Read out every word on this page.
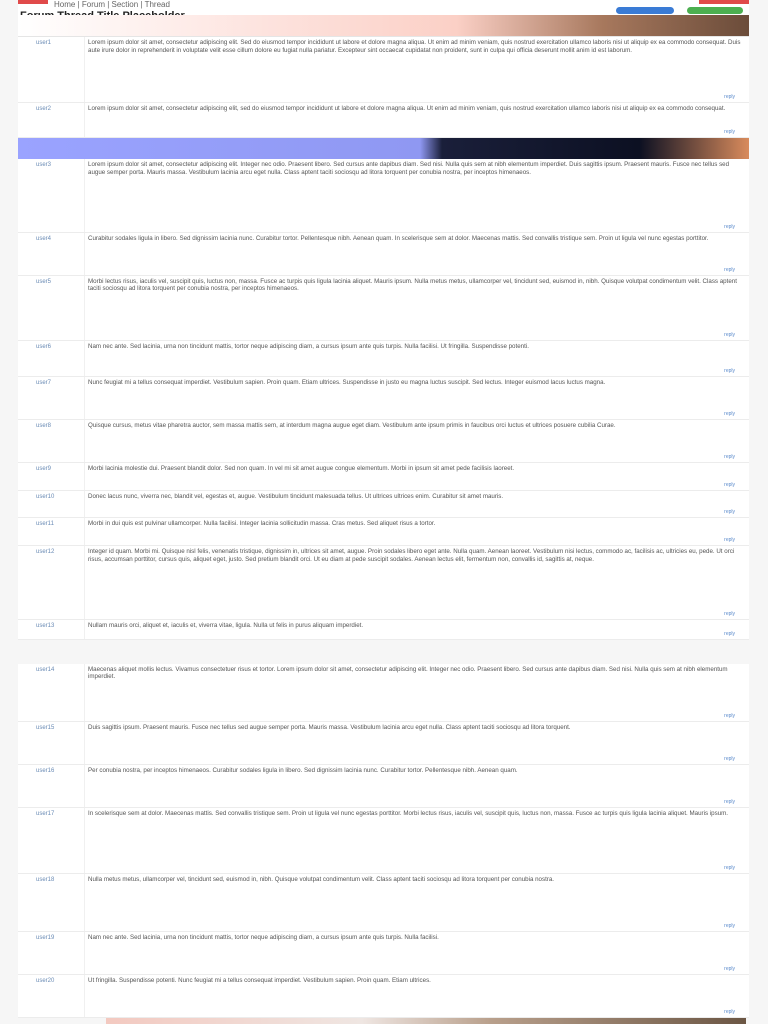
Home | Forum | Section | Thread
user1	Lorem ipsum dolor sit amet, consectetur adipiscing elit. Sed do eiusmod tempor incididunt ut labore et dolore magna aliqua. Ut enim ad minim veniam, quis nostrud exercitation ullamco laboris nisi ut aliquip ex ea commodo consequat. Duis aute irure dolor in reprehenderit in voluptate velit esse cillum dolore eu fugiat nulla pariatur. Excepteur sint occaecat cupidatat non proident, sunt in culpa qui officia deserunt mollit anim id est laborum.
reply
user2	Lorem ipsum dolor sit amet, consectetur adipiscing elit, sed do eiusmod tempor incididunt ut labore et dolore magna aliqua. Ut enim ad minim veniam, quis nostrud exercitation ullamco laboris nisi ut aliquip ex ea commodo consequat.
reply
user3	Lorem ipsum dolor sit amet, consectetur adipiscing elit. Integer nec odio. Praesent libero. Sed cursus ante dapibus diam. Sed nisi. Nulla quis sem at nibh elementum imperdiet. Duis sagittis ipsum. Praesent mauris. Fusce nec tellus sed augue semper porta. Mauris massa. Vestibulum lacinia arcu eget nulla. Class aptent taciti sociosqu ad litora torquent per conubia nostra, per inceptos himenaeos.
reply
user4	Curabitur sodales ligula in libero. Sed dignissim lacinia nunc. Curabitur tortor. Pellentesque nibh. Aenean quam. In scelerisque sem at dolor. Maecenas mattis. Sed convallis tristique sem. Proin ut ligula vel nunc egestas porttitor.
reply
user5	Morbi lectus risus, iaculis vel, suscipit quis, luctus non, massa. Fusce ac turpis quis ligula lacinia aliquet. Mauris ipsum. Nulla metus metus, ullamcorper vel, tincidunt sed, euismod in, nibh. Quisque volutpat condimentum velit. Class aptent taciti sociosqu ad litora torquent per conubia nostra, per inceptos himenaeos.
reply
user6	Nam nec ante. Sed lacinia, urna non tincidunt mattis, tortor neque adipiscing diam, a cursus ipsum ante quis turpis. Nulla facilisi. Ut fringilla. Suspendisse potenti.
reply
user7	Nunc feugiat mi a tellus consequat imperdiet. Vestibulum sapien. Proin quam. Etiam ultrices. Suspendisse in justo eu magna luctus suscipit. Sed lectus. Integer euismod lacus luctus magna.
reply
user8	Quisque cursus, metus vitae pharetra auctor, sem massa mattis sem, at interdum magna augue eget diam. Vestibulum ante ipsum primis in faucibus orci luctus et ultrices posuere cubilia Curae.
reply
user9	Morbi lacinia molestie dui. Praesent blandit dolor. Sed non quam. In vel mi sit amet augue congue elementum. Morbi in ipsum sit amet pede facilisis laoreet.
reply
user10	Donec lacus nunc, viverra nec, blandit vel, egestas et, augue. Vestibulum tincidunt malesuada tellus. Ut ultrices ultrices enim. Curabitur sit amet mauris.
reply
user11	Morbi in dui quis est pulvinar ullamcorper. Nulla facilisi. Integer lacinia sollicitudin massa. Cras metus. Sed aliquet risus a tortor.
reply
user12	Integer id quam. Morbi mi. Quisque nisl felis, venenatis tristique, dignissim in, ultrices sit amet, augue. Proin sodales libero eget ante. Nulla quam. Aenean laoreet. Vestibulum nisi lectus, commodo ac, facilisis ac, ultricies eu, pede. Ut orci risus, accumsan porttitor, cursus quis, aliquet eget, justo. Sed pretium blandit orci. Ut eu diam at pede suscipit sodales. Aenean lectus elit, fermentum non, convallis id, sagittis at, neque.
reply
user13	Nullam mauris orci, aliquet et, iaculis et, viverra vitae, ligula. Nulla ut felis in purus aliquam imperdiet.
reply
user14	Maecenas aliquet mollis lectus. Vivamus consectetuer risus et tortor. Lorem ipsum dolor sit amet, consectetur adipiscing elit. Integer nec odio. Praesent libero. Sed cursus ante dapibus diam. Sed nisi. Nulla quis sem at nibh elementum imperdiet.
reply
user15	Duis sagittis ipsum. Praesent mauris. Fusce nec tellus sed augue semper porta. Mauris massa. Vestibulum lacinia arcu eget nulla. Class aptent taciti sociosqu ad litora torquent.
reply
user16	Per conubia nostra, per inceptos himenaeos. Curabitur sodales ligula in libero. Sed dignissim lacinia nunc. Curabitur tortor. Pellentesque nibh. Aenean quam.
reply
user17	In scelerisque sem at dolor. Maecenas mattis. Sed convallis tristique sem. Proin ut ligula vel nunc egestas porttitor. Morbi lectus risus, iaculis vel, suscipit quis, luctus non, massa. Fusce ac turpis quis ligula lacinia aliquet. Mauris ipsum.
reply
user18	Nulla metus metus, ullamcorper vel, tincidunt sed, euismod in, nibh. Quisque volutpat condimentum velit. Class aptent taciti sociosqu ad litora torquent per conubia nostra.
reply
user19	Nam nec ante. Sed lacinia, urna non tincidunt mattis, tortor neque adipiscing diam, a cursus ipsum ante quis turpis. Nulla facilisi.
reply
user20	Ut fringilla. Suspendisse potenti. Nunc feugiat mi a tellus consequat imperdiet. Vestibulum sapien. Proin quam. Etiam ultrices.
reply
